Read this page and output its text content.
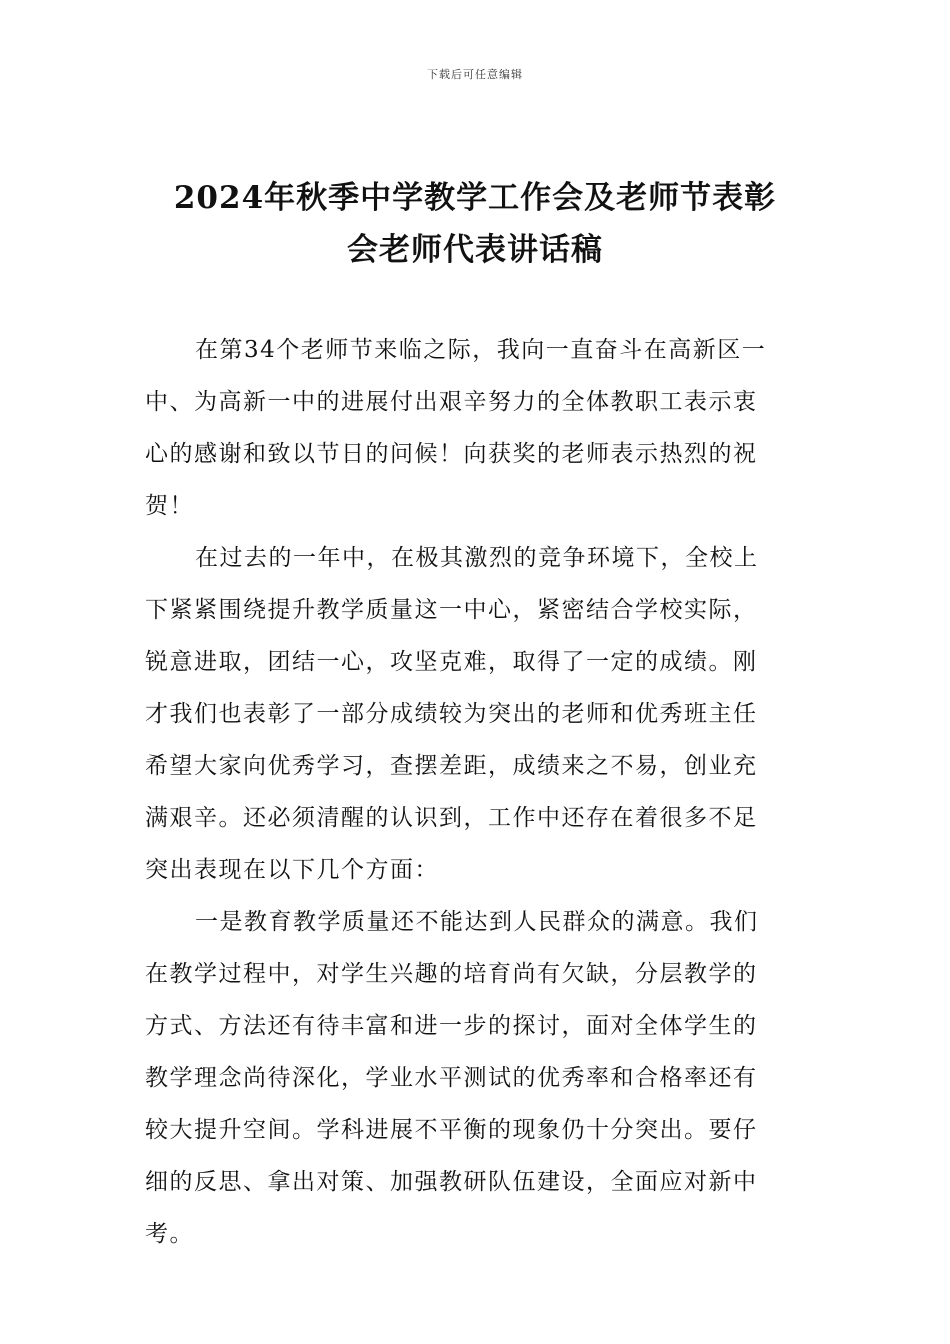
下载后可任意编辑
2024年秋季中学教学工作会及老师节表彰
会老师代表讲话稿

在第34个老师节来临之际，我向一直奋斗在高新区一
中、为高新一中的进展付出艰辛努力的全体教职工表示衷
心的感谢和致以节日的问候！向获奖的老师表示热烈的祝
贺！

在过去的一年中，在极其激烈的竞争环境下，全校上
下紧紧围绕提升教学质量这一中心，紧密结合学校实际，
锐意进取，团结一心，攻坚克难，取得了一定的成绩。刚
才我们也表彰了一部分成绩较为突出的老师和优秀班主任
希望大家向优秀学习，查摆差距，成绩来之不易，创业充
满艰辛。还必须清醒的认识到，工作中还存在着很多不足
突出表现在以下几个方面：

一是教育教学质量还不能达到人民群众的满意。我们
在教学过程中，对学生兴趣的培育尚有欠缺，分层教学的
方式、方法还有待丰富和进一步的探讨，面对全体学生的
教学理念尚待深化，学业水平测试的优秀率和合格率还有
较大提升空间。学科进展不平衡的现象仍十分突出。要仔
细的反思、拿出对策、加强教研队伍建设，全面应对新中
考。
